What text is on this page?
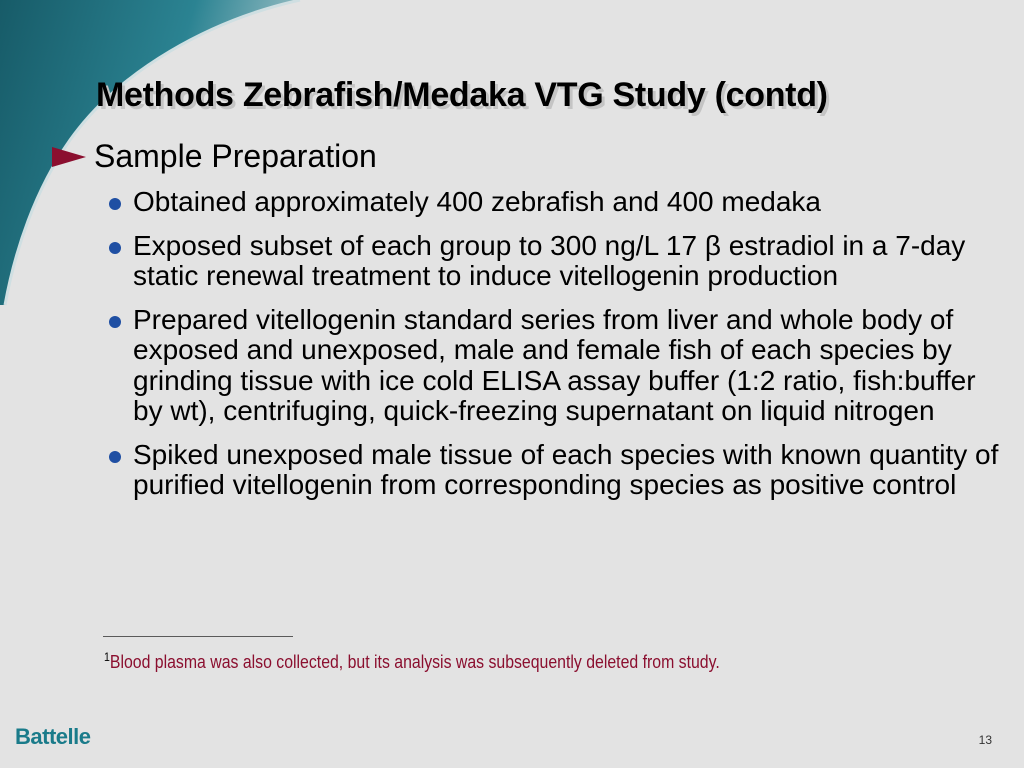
Methods Zebrafish/Medaka VTG Study (contd)
Sample Preparation
Obtained approximately 400 zebrafish and 400 medaka
Exposed subset of each group to 300 ng/L 17 β estradiol in a 7-day static renewal treatment to induce vitellogenin production
Prepared vitellogenin standard series from liver and whole body of exposed and unexposed, male and female fish of each species by grinding tissue with ice cold ELISA assay buffer (1:2 ratio, fish:buffer by wt), centrifuging, quick-freezing supernatant on liquid nitrogen
Spiked unexposed male tissue of each species with known quantity of purified vitellogenin from corresponding species as positive control
$^1$Blood plasma was also collected, but its analysis was subsequently deleted from study.
Battelle	13
